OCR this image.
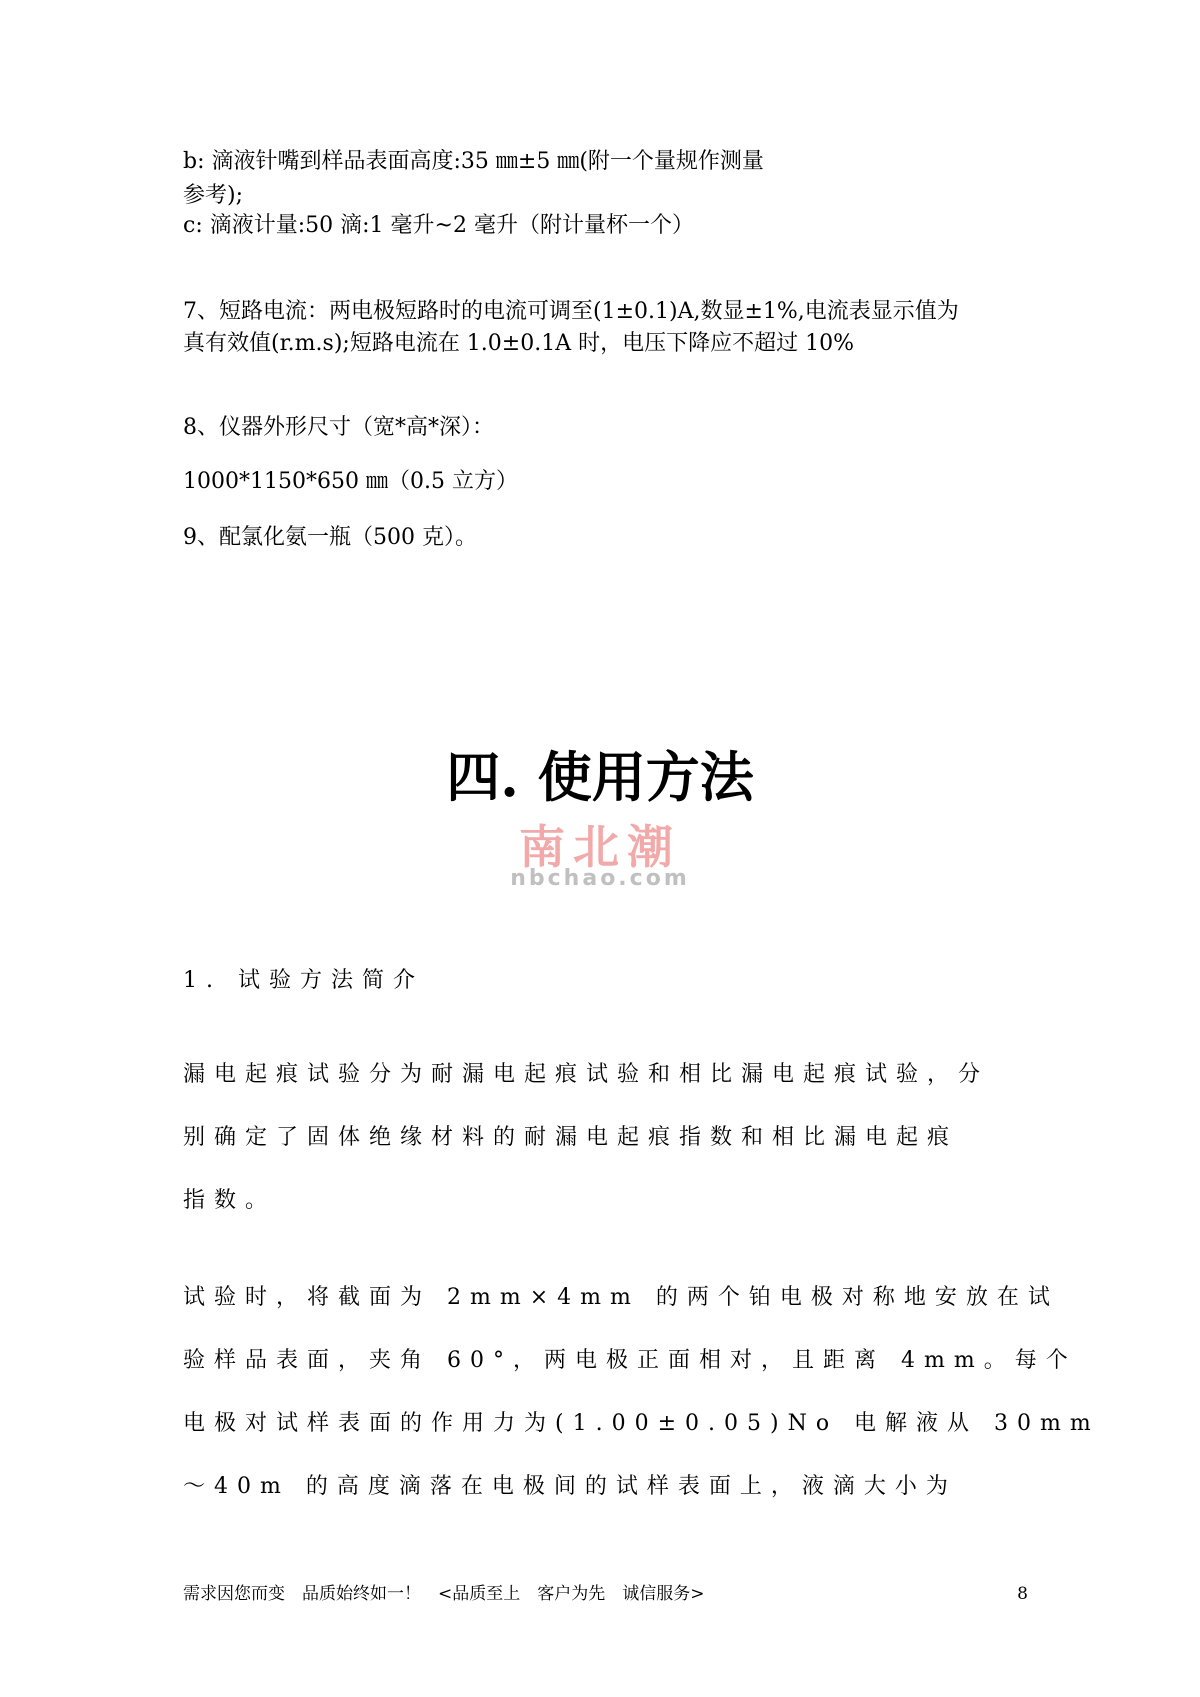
b: 滴液针嘴到样品表面高度:35 ㎜±5 ㎜(附一个量规作测量
参考);
c: 滴液计量:50 滴:1 毫升~2 毫升（附计量杯一个）
7、短路电流：两电极短路时的电流可调至(1±0.1)A,数显±1%,电流表显示值为
真有效值(r.m.s);短路电流在 1.0±0.1A 时，电压下降应不超过 10%
8、仪器外形尺寸（宽*高*深）：
1000*1150*650 ㎜（0.5 立方）
9、配氯化氨一瓶（500 克）。
四. 使用方法
南北潮
nbchao.com
1. 试验方法简介
漏电起痕试验分为耐漏电起痕试验和相比漏电起痕试验，分
别确定了固体绝缘材料的耐漏电起痕指数和相比漏电起痕
指数。
试验时，将截面为 2mm×4mm 的两个铂电极对称地安放在试
验样品表面，夹角 60°，两电极正面相对，且距离 4mm。每个
电极对试样表面的作用力为(1.00±0.05)No 电解液从 30mm
～40m 的高度滴落在电极间的试样表面上，液滴大小为
需求因您而变　品质始终如一！　<品质至上　客户为先　诚信服务>	8
